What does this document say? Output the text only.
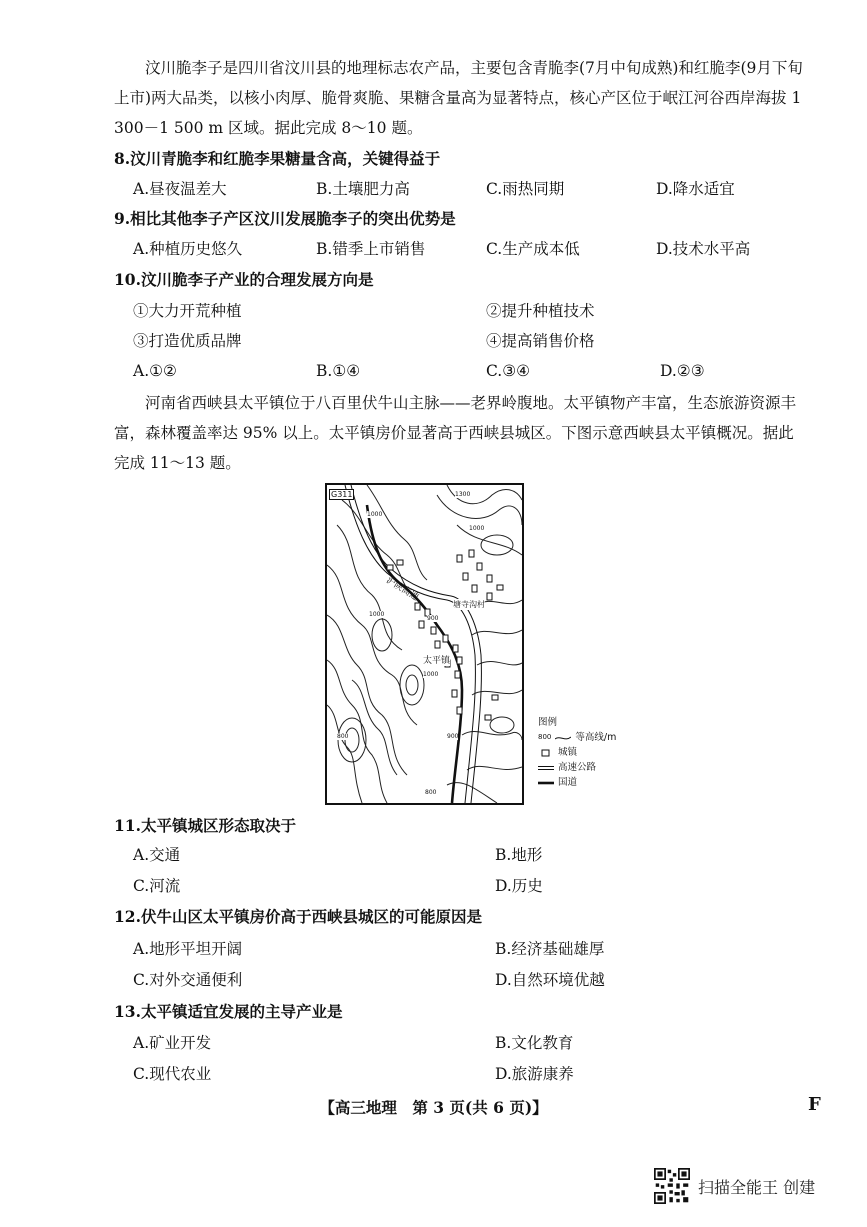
汶川脆李子是四川省汶川县的地理标志农产品，主要包含青脆李(7月中旬成熟)和红脆李(9月下旬上市)两大品类，以核小肉厚、脆骨爽脆、果糖含量高为显著特点，核心产区位于岷江河谷西岸海拔 1 300－1 500 m 区域。据此完成 8～10 题。
8.汶川青脆李和红脆李果糖量含高，关键得益于
A.昼夜温差大	B.土壤肥力高	C.雨热同期	D.降水适宜
9.相比其他李子产区汶川发展脆李子的突出优势是
A.种植历史悠久	B.错季上市销售	C.生产成本低	D.技术水平高
10.汶川脆李子产业的合理发展方向是
①大力开荒种植	②提升种植技术
③打造优质品牌	④提高销售价格
A.①②	B.①④	C.③④	D.②③
河南省西峡县太平镇位于八百里伏牛山主脉——老界岭腹地。太平镇物产丰富，生态旅游资源丰富，森林覆盖率达 95% 以上。太平镇房价显著高于西峡县城区。下图示意西峡县太平镇概况。据此完成 11～13 题。
G311
沪陕高速
塘寺沟村
太平镇
1300
1000
1000
900
1000
800
1000
900
800
图例
800	等高线/m
城镇
高速公路
国道
11.太平镇城区形态取决于
A.交通	B.地形
C.河流	D.历史
12.伏牛山区太平镇房价高于西峡县城区的可能原因是
A.地形平坦开阔	B.经济基础雄厚
C.对外交通便利	D.自然环境优越
13.太平镇适宜发展的主导产业是
A.矿业开发	B.文化教育
C.现代农业	D.旅游康养
【高三地理　第 3 页(共 6 页)】	F
扫描全能王 创建
